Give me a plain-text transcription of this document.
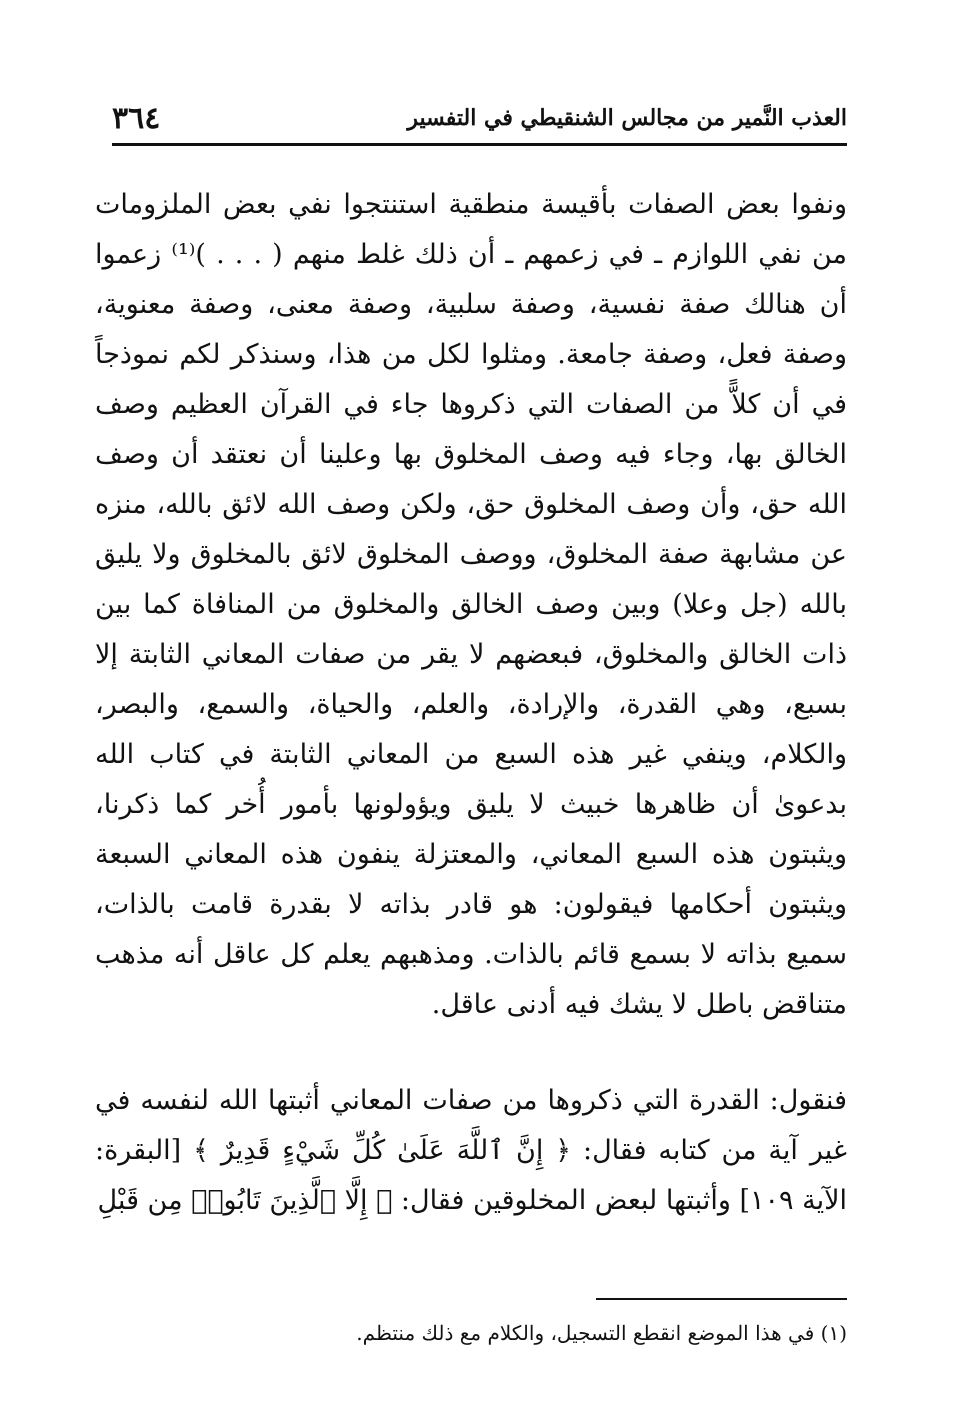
٣٦٤	العذب النَّمير من مجالس الشنقيطي في التفسير

ونفوا بعض الصفات بأقيسة منطقية استنتجوا نفي بعض الملزومات من نفي اللوازم ـ في زعمهم ـ أن ذلك غلط منهم ( . . . )⁽¹⁾ زعموا أن هنالك صفة نفسية، وصفة سلبية، وصفة معنى، وصفة معنوية، وصفة فعل، وصفة جامعة. ومثلوا لكل من هذا، وسنذكر لكم نموذجاً في أن كلاًّ من الصفات التي ذكروها جاء في القرآن العظيم وصف الخالق بها، وجاء فيه وصف المخلوق بها وعلينا أن نعتقد أن وصف الله حق، وأن وصف المخلوق حق، ولكن وصف الله لائق بالله، منزه عن مشابهة صفة المخلوق، ووصف المخلوق لائق بالمخلوق ولا يليق بالله (جل وعلا) وبين وصف الخالق والمخلوق من المنافاة كما بين ذات الخالق والمخلوق، فبعضهم لا يقر من صفات المعاني الثابتة إلا بسبع، وهي القدرة، والإرادة، والعلم، والحياة، والسمع، والبصر، والكلام، وينفي غير هذه السبع من المعاني الثابتة في كتاب الله بدعوىٰ أن ظاهرها خبيث لا يليق ويؤولونها بأمور أُخر كما ذكرنا، ويثبتون هذه السبع المعاني، والمعتزلة ينفون هذه المعاني السبعة ويثبتون أحكامها فيقولون: هو قادر بذاته لا بقدرة قامت بالذات، سميع بذاته لا بسمع قائم بالذات. ومذهبهم يعلم كل عاقل أنه مذهب متناقض باطل لا يشك فيه أدنى عاقل.

فنقول: القدرة التي ذكروها من صفات المعاني أثبتها الله لنفسه في غير آية من كتابه فقال: ﴿ إِنَّ ٱللَّهَ عَلَىٰ كُلِّ شَيْءٍ قَدِيرٌ ﴾ [البقرة: الآية ١٠٩] وأثبتها لبعض المخلوقين فقال: ﴿ إِلَّا ٱلَّذِينَ تَابُوا۟ مِن قَبْلِ

(١) في هذا الموضع انقطع التسجيل، والكلام مع ذلك منتظم.
